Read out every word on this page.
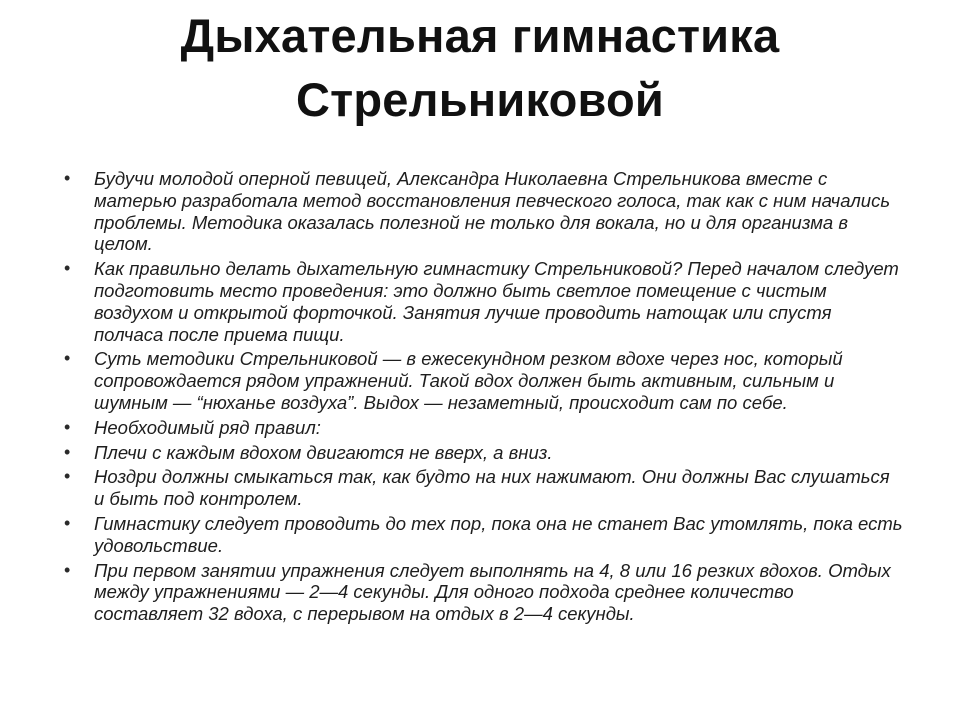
Дыхательная гимнастика
Стрельниковой
•	Будучи молодой оперной певицей, Александра Николаевна Стрельникова вместе с матерью разработала метод восстановления певческого голоса, так как с ним начались проблемы. Методика оказалась полезной не только для вокала, но и для организма в целом.
•	Как правильно делать дыхательную гимнастику Стрельниковой? Перед началом следует подготовить место проведения: это должно быть светлое помещение с чистым воздухом и открытой форточкой. Занятия лучше проводить натощак или спустя полчаса после приема пищи.
•	Суть методики Стрельниковой — в ежесекундном резком вдохе через нос, который сопровождается рядом упражнений. Такой вдох должен быть активным, сильным и шумным — “нюханье воздуха”. Выдох — незаметный, происходит сам по себе.
•	Необходимый ряд правил:
•	Плечи с каждым вдохом двигаются не вверх, а вниз.
•	Ноздри должны смыкаться так, как будто на них нажимают. Они должны Вас слушаться и быть под контролем.
•	Гимнастику следует проводить до тех пор, пока она не станет Вас утомлять, пока есть удовольствие.
•	При первом занятии упражнения следует выполнять на 4, 8 или 16 резких вдохов. Отдых между упражнениями — 2—4 секунды. Для одного подхода среднее количество составляет 32 вдоха, с перерывом на отдых в 2—4 секунды.
